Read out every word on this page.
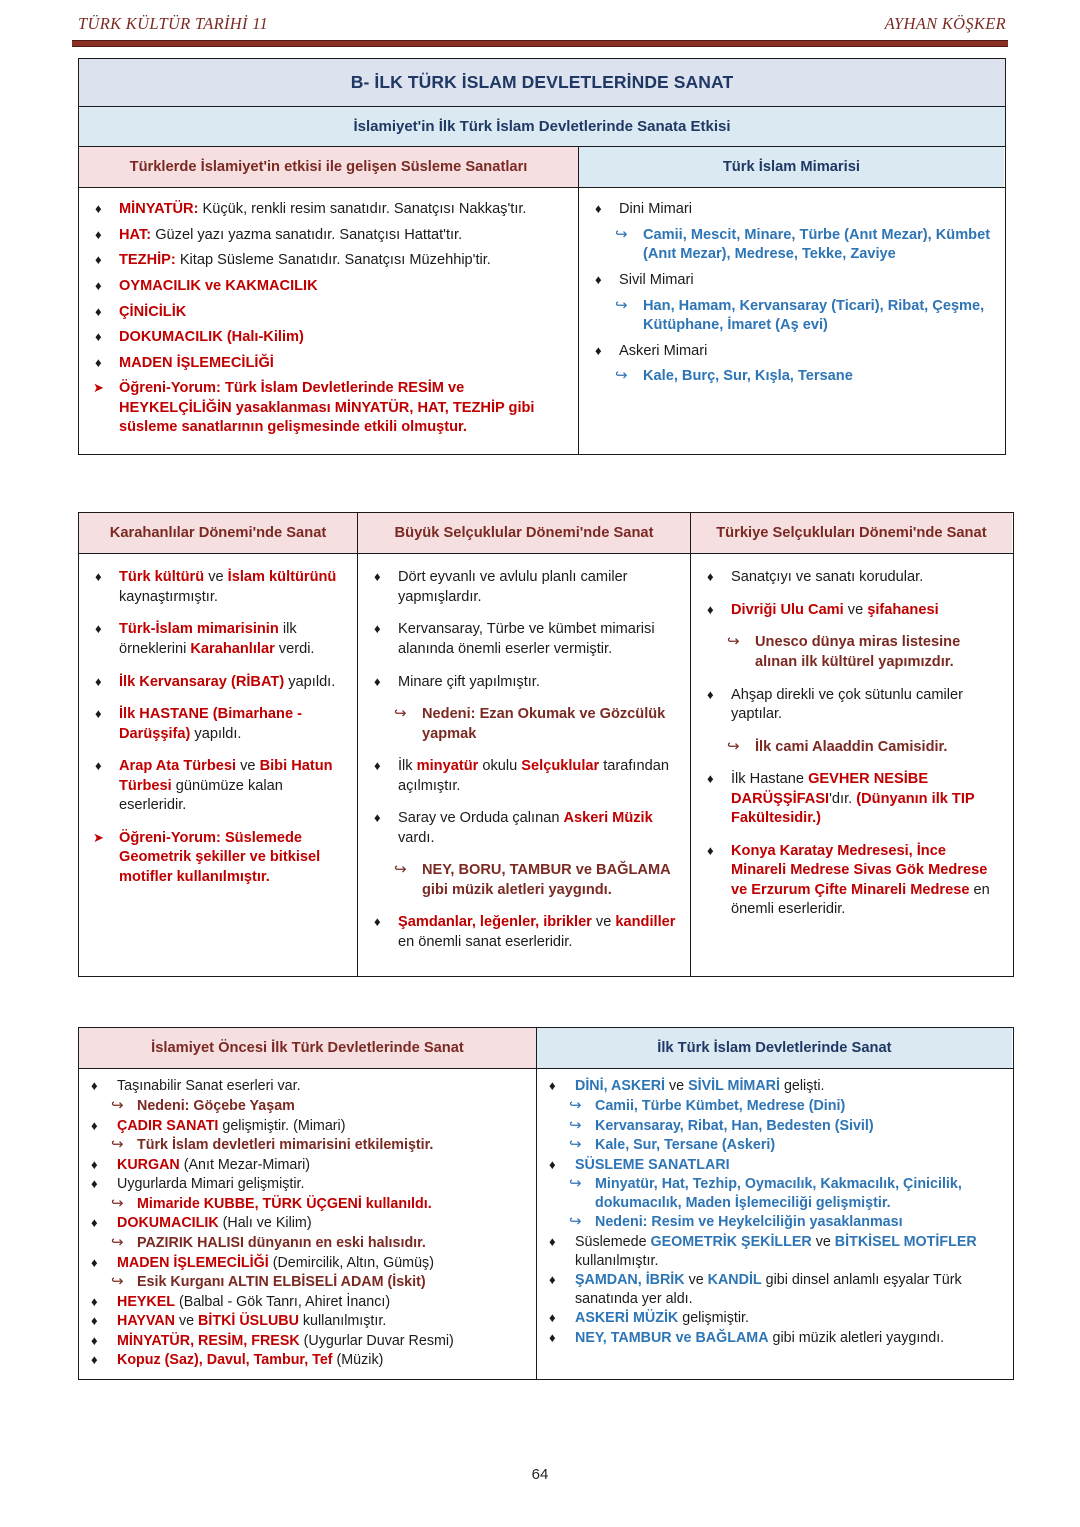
TÜRK KÜLTÜR TARİHİ 11	AYHAN KÖŞKER
B- İLK TÜRK İSLAM DEVLETLERİNDE SANAT
İslamiyet'in İlk Türk İslam Devletlerinde Sanata Etkisi
Türklerde İslamiyet'in etkisi ile gelişen Süsleme Sanatları	Türk İslam Mimarisi
♦ MİNYATÜR: Küçük, renkli resim sanatıdır. Sanatçısı Nakkaş'tır.
♦ HAT: Güzel yazı yazma sanatıdır. Sanatçısı Hattat'tır.
♦ TEZHİP: Kitap Süsleme Sanatıdır. Sanatçısı Müzehhip'tir.
♦ OYMACILIK ve KAKMACILIK
♦ ÇİNİCİLİK
♦ DOKUMACILIK (Halı-Kilim)
♦ MADEN İŞLEMECİLİĞİ
➤ Öğreni-Yorum: Türk İslam Devletlerinde RESİM ve HEYKELÇİLİĞİN yasaklanması MİNYATÜR, HAT, TEZHİP gibi süsleme sanatlarının gelişmesinde etkili olmuştur.
♦ Dini Mimari
↪ Camii, Mescit, Minare, Türbe (Anıt Mezar), Kümbet (Anıt Mezar), Medrese, Tekke, Zaviye
♦ Sivil Mimari
↪ Han, Hamam, Kervansaray (Ticari), Ribat, Çeşme, Kütüphane, İmaret (Aş evi)
♦ Askeri Mimari
↪ Kale, Burç, Sur, Kışla, Tersane
Karahanlılar Dönemi'nde Sanat	Büyük Selçuklular Dönemi'nde Sanat	Türkiye Selçukluları Dönemi'nde Sanat
♦ Türk kültürü ve İslam kültürünü kaynaştırmıştır.
♦ Türk-İslam mimarisinin ilk örneklerini Karahanlılar verdi.
♦ İlk Kervansaray (RİBAT) yapıldı.
♦ İlk HASTANE (Bimarhane - Darüşşifa) yapıldı.
♦ Arap Ata Türbesi ve Bibi Hatun Türbesi günümüze kalan eserleridir.
➤ Öğreni-Yorum: Süslemede Geometrik şekiller ve bitkisel motifler kullanılmıştır.
♦ Dört eyvanlı ve avlulu planlı camiler yapmışlardır.
♦ Kervansaray, Türbe ve kümbet mimarisi alanında önemli eserler vermiştir.
♦ Minare çift yapılmıştır.
↪ Nedeni: Ezan Okumak ve Gözcülük yapmak
♦ İlk minyatür okulu Selçuklular tarafından açılmıştır.
♦ Saray ve Orduda çalınan Askeri Müzik vardı.
↪ NEY, BORU, TAMBUR ve BAĞLAMA gibi müzik aletleri yaygındı.
♦ Şamdanlar, leğenler, ibrikler ve kandiller en önemli sanat eserleridir.
♦ Sanatçıyı ve sanatı korudular.
♦ Divriği Ulu Cami ve şifahanesi
↪ Unesco dünya miras listesine alınan ilk kültürel yapımızdır.
♦ Ahşap direkli ve çok sütunlu camiler yaptılar.
↪ İlk cami Alaaddin Camisidir.
♦ İlk Hastane GEVHER NESİBE DARÜŞŞİFASI'dır. (Dünyanın ilk TIP Fakültesidir.)
♦ Konya Karatay Medresesi, İnce Minareli Medrese Sivas Gök Medrese ve Erzurum Çifte Minareli Medrese en önemli eserleridir.
İslamiyet Öncesi İlk Türk Devletlerinde Sanat	İlk Türk İslam Devletlerinde Sanat
♦ Taşınabilir Sanat eserleri var.
↪ Nedeni: Göçebe Yaşam
♦ ÇADIR SANATI gelişmiştir. (Mimari)
↪ Türk İslam devletleri mimarisini etkilemiştir.
♦ KURGAN (Anıt Mezar-Mimari)
♦ Uygurlarda Mimari gelişmiştir.
↪ Mimaride KUBBE, TÜRK ÜÇGENİ kullanıldı.
♦ DOKUMACILIK (Halı ve Kilim)
↪ PAZIRIK HALISI dünyanın en eski halısıdır.
♦ MADEN İŞLEMECİLİĞİ (Demircilik, Altın, Gümüş)
↪ Esik Kurganı ALTIN ELBİSELİ ADAM (İskit)
♦ HEYKEL (Balbal - Gök Tanrı, Ahiret İnancı)
♦ HAYVAN ve BİTKİ ÜSLUBU kullanılmıştır.
♦ MİNYATÜR, RESİM, FRESK (Uygurlar Duvar Resmi)
♦ Kopuz (Saz), Davul, Tambur, Tef (Müzik)
♦ DİNİ, ASKERİ ve SİVİL MİMARİ gelişti.
↪ Camii, Türbe Kümbet, Medrese (Dini)
↪ Kervansaray, Ribat, Han, Bedesten (Sivil)
↪ Kale, Sur, Tersane (Askeri)
♦ SÜSLEME SANATLARI
↪ Minyatür, Hat, Tezhip, Oymacılık, Kakmacılık, Çinicilik, dokumacılık, Maden İşlemeciliği gelişmiştir.
↪ Nedeni: Resim ve Heykelciliğin yasaklanması
♦ Süslemede GEOMETRİK ŞEKİLLER ve BİTKİSEL MOTİFLER kullanılmıştır.
♦ ŞAMDAN, İBRİK ve KANDİL gibi dinsel anlamlı eşyalar Türk sanatında yer aldı.
♦ ASKERİ MÜZİK gelişmiştir.
♦ NEY, TAMBUR ve BAĞLAMA gibi müzik aletleri yaygındı.
64
